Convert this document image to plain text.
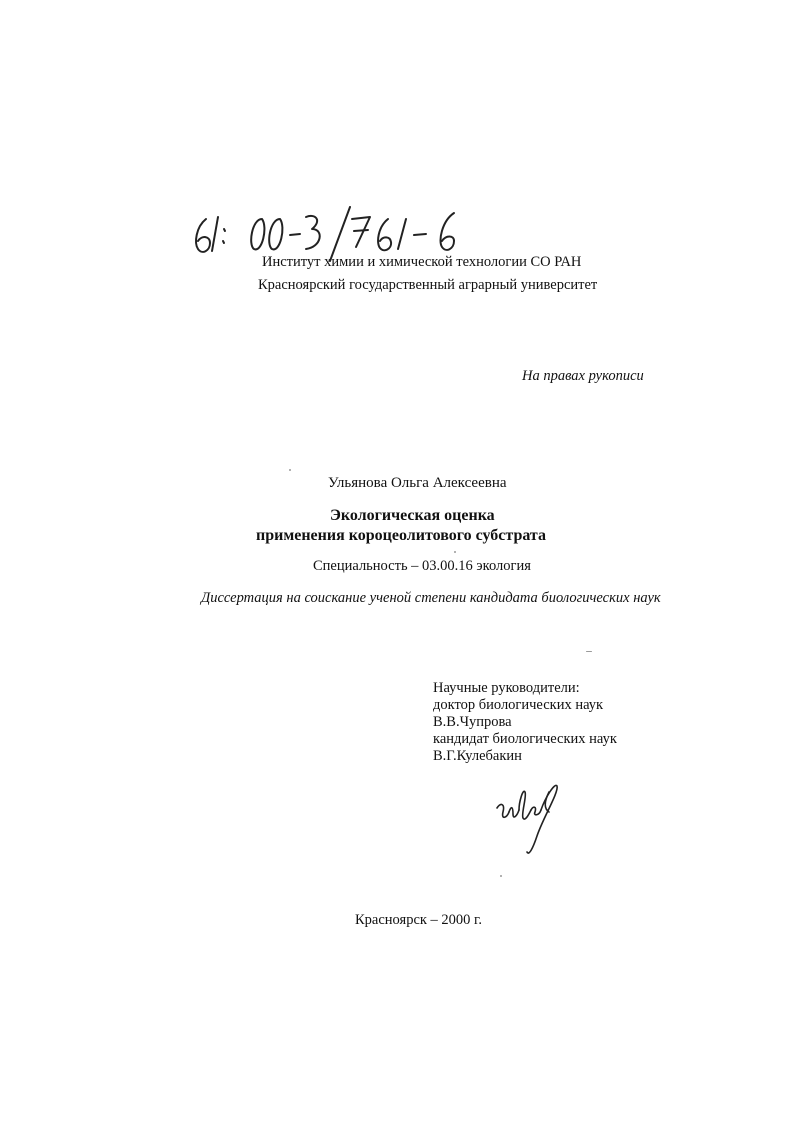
Институт химии и химической технологии СО РАН
Красноярский государственный аграрный университет
На правах рукописи
Ульянова Ольга Алексеевна
Экологическая оценка
применения короцеолитового субстрата
Специальность – 03.00.16 экология
Диссертация на соискание ученой степени кандидата биологических наук
Научные руководители:
доктор биологических наук
В.В.Чупрова
кандидат биологических наук
В.Г.Кулебакин
Красноярск – 2000 г.
